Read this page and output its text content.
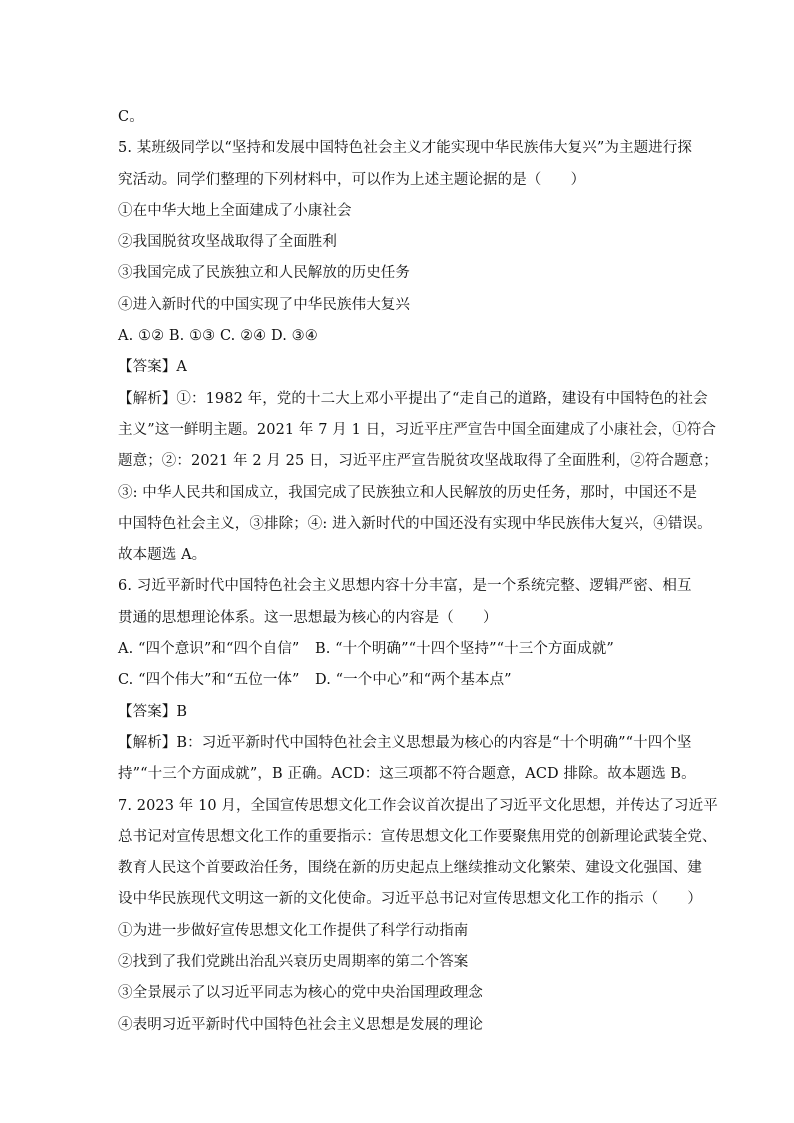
C。
5. 某班级同学以“坚持和发展中国特色社会主义才能实现中华民族伟大复兴”为主题进行探
究活动。同学们整理的下列材料中，可以作为上述主题论据的是（　　）
①在中华大地上全面建成了小康社会
②我国脱贫攻坚战取得了全面胜利
③我国完成了民族独立和人民解放的历史任务
④进入新时代的中国实现了中华民族伟大复兴
A. ①② B. ①③ C. ②④ D. ③④
【答案】A
【解析】①：1982 年，党的十二大上邓小平提出了“走自己的道路，建设有中国特色的社会
主义”这一鲜明主题。2021 年 7 月 1 日，习近平庄严宣告中国全面建成了小康社会，①符合
题意；②：2021 年 2 月 25 日，习近平庄严宣告脱贫攻坚战取得了全面胜利，②符合题意；
③: 中华人民共和国成立，我国完成了民族独立和人民解放的历史任务，那时，中国还不是
中国特色社会主义，③排除；④: 进入新时代的中国还没有实现中华民族伟大复兴，④错误。
故本题选 A。
6. 习近平新时代中国特色社会主义思想内容十分丰富，是一个系统完整、逻辑严密、相互
贯通的思想理论体系。这一思想最为核心的内容是（　　）
A. “四个意识”和“四个自信”	B. “十个明确”“十四个坚持”“十三个方面成就”
C. “四个伟大”和“五位一体”	D. “一个中心”和“两个基本点”
【答案】B
【解析】B：习近平新时代中国特色社会主义思想最为核心的内容是“十个明确”“十四个坚
持”“十三个方面成就”，B 正确。ACD：这三项都不符合题意，ACD 排除。故本题选 B。
7. 2023 年 10 月，全国宣传思想文化工作会议首次提出了习近平文化思想，并传达了习近平
总书记对宣传思想文化工作的重要指示：宣传思想文化工作要聚焦用党的创新理论武装全党、
教育人民这个首要政治任务，围绕在新的历史起点上继续推动文化繁荣、建设文化强国、建
设中华民族现代文明这一新的文化使命。习近平总书记对宣传思想文化工作的指示（　　）
①为进一步做好宣传思想文化工作提供了科学行动指南
②找到了我们党跳出治乱兴衰历史周期率的第二个答案
③全景展示了以习近平同志为核心的党中央治国理政理念
④表明习近平新时代中国特色社会主义思想是发展的理论
